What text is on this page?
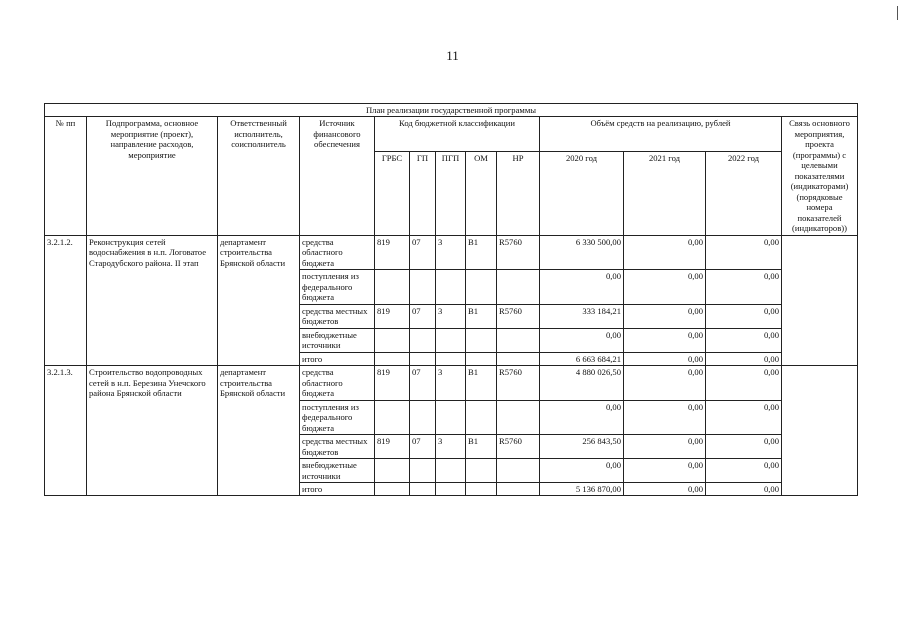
11
План реализации государственной программы												
№ пп	Подпрограмма, основное мероприятие (проект), направление расходов, мероприятие	Ответственный исполнитель, соисполнитель	Источник финансового обеспечения	Код бюджетной классификации					Объём средств на реализацию, рублей			Связь основного мероприятия, проекта (программы) с целевыми показателями (индикаторами) (порядковые номера показателей (индикаторов))
				ГРБС	ГП	ПГП	ОМ	НР	2020 год	2021 год	2022 год	
3.2.1.2.	Реконструкция сетей водоснабжения в н.п. Логоватое Стародубского района. II этап	департамент строительства Брянской области	средства областного бюджета	819	07	3	В1	R5760	6 330 500,00	0,00	0,00	
			поступления из федерального бюджета						0,00	0,00	0,00	
			средства местных бюджетов	819	07	3	В1	R5760	333 184,21	0,00	0,00	
			внебюджетные источники						0,00	0,00	0,00	
			итого						6 663 684,21	0,00	0,00	
3.2.1.3.	Строительство водопроводных сетей в н.п. Березина Унечского района Брянской области	департамент строительства Брянской области	средства областного бюджета	819	07	3	В1	R5760	4 880 026,50	0,00	0,00	
			поступления из федерального бюджета						0,00	0,00	0,00	
			средства местных бюджетов	819	07	3	В1	R5760	256 843,50	0,00	0,00	
			внебюджетные источники						0,00	0,00	0,00	
			итого						5 136 870,00	0,00	0,00	
